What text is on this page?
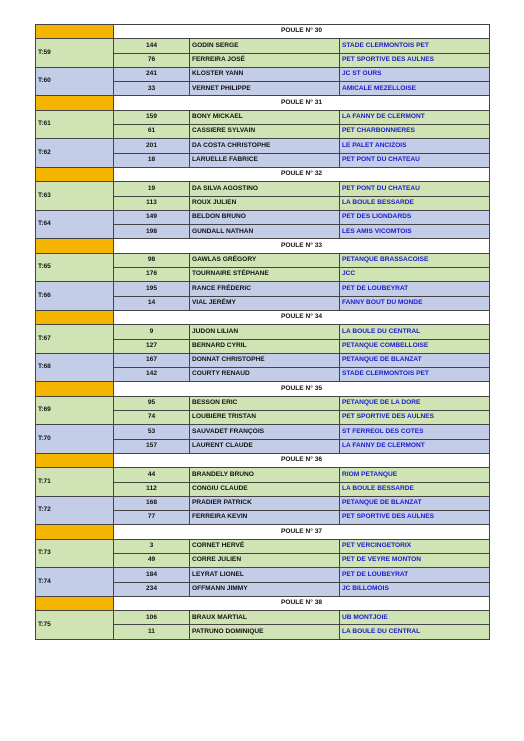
	POULE N° 30		
T:59	144	GODIN SERGE	STADE CLERMONTOIS PET
	76	FERREIRA JOSÉ	PET SPORTIVE DES AULNES
T:60	241	KLOSTER YANN	JC ST OURS
	33	VERNET PHILIPPE	AMICALE MEZELLOISE
	POULE N° 31		
T:61	159	BONY MICKAEL	LA FANNY DE CLERMONT
	61	CASSIERE SYLVAIN	PET CHARBONNIERES
T:62	201	DA COSTA CHRISTOPHE	LE PALET ANCIZOIS
	18	LARUELLE FABRICE	PET PONT DU CHATEAU
	POULE N° 32		
T:63	19	DA SILVA AGOSTINO	PET PONT DU CHATEAU
	113	ROUX JULIEN	LA BOULE BESSARDE
T:64	149	BELDON BRUNO	PET DES LIONDARDS
	198	GUNDALL NATHAN	LES AMIS VICOMTOIS
	POULE N° 33		
T:65	98	GAWLAS GRÉGORY	PETANQUE BRASSACOISE
	176	TOURNAIRE STÉPHANE	JCC
T:66	195	RANCE FRÉDERIC	PET DE LOUBEYRAT
	14	VIAL JERÉMY	FANNY BOUT DU MONDE
	POULE N° 34		
T:67	9	JUDON LILIAN	LA BOULE DU CENTRAL
	127	BERNARD CYRIL	PETANQUE COMBELLOISE
T:68	167	DONNAT CHRISTOPHE	PETANQUE DE BLANZAT
	142	COURTY RENAUD	STADE CLERMONTOIS PET
	POULE N° 35		
T:69	95	BESSON ERIC	PETANQUE DE LA DORE
	74	LOUBIERE TRISTAN	PET SPORTIVE DES AULNES
T:70	53	SAUVADET FRANÇOIS	ST FERREOL DES COTES
	157	LAURENT CLAUDE	LA FANNY DE CLERMONT
	POULE N° 36		
T:71	44	BRANDELY BRUNO	RIOM PETANQUE
	112	CONGIU CLAUDE	LA BOULE BESSARDE
T:72	168	PRADIER PATRICK	PETANQUE DE BLANZAT
	77	FERREIRA KEVIN	PET SPORTIVE DES AULNES
	POULE N° 37		
T:73	3	CORNET HERVÉ	PET VERCINGETORIX
	49	CORRE JULIEN	PET DE VEYRE MONTON
T:74	184	LEYRAT LIONEL	PET DE LOUBEYRAT
	234	OFFMANN JIMMY	JC BILLOMOIS
	POULE N° 38		
T:75	106	BRAUX MARTIAL	UB MONTJOIE
	11	PATRUNO DOMINIQUE	LA BOULE DU CENTRAL
